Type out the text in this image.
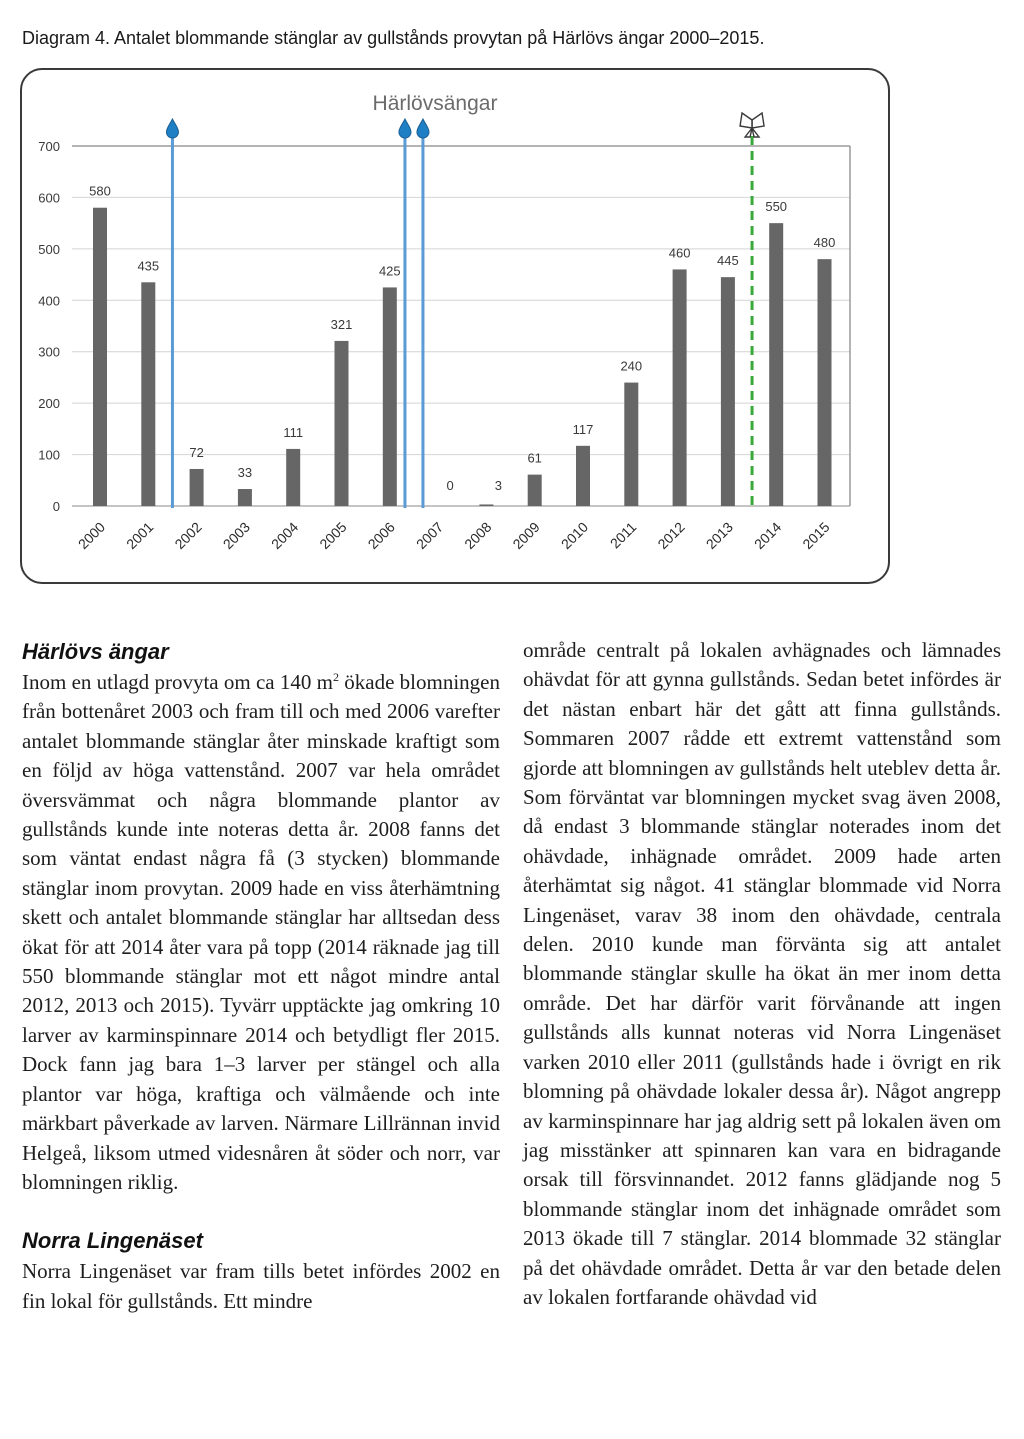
Diagram 4. Antalet blommande stänglar av gullstånds provytan på Härlövs ängar 2000–2015.
Härlövsängar
0
100
200
300
400
500
600
700
580
435
72
33
111
321
425
0	3
61
117
240
460
445
550
480
2000 2001 2002 2003 2004 2005 2006 2007 2008 2009 2010 2011 2012 2013 2014 2015
Härlövs ängar

Inom en utlagd provyta om ca 140 $m^2$ ökade blomningen från bottenåret 2003 och fram till och med 2006 varefter antalet blommande stänglar åter minskade kraftigt som en följd av höga vattenstånd. 2007 var hela området översvämmat och några blommande plantor av gullstånds kunde inte noteras detta år. 2008 fanns det som väntat endast några få (3 stycken) blommande stänglar inom provytan. 2009 hade en viss återhämtning skett och antalet blommande stänglar har alltsedan dess ökat för att 2014 åter vara på topp (2014 räknade jag till 550 blommande stänglar mot ett något mindre antal 2012, 2013 och 2015). Tyvärr upptäckte jag omkring 10 larver av karminspinnare 2014 och betydligt fler 2015. Dock fann jag bara 1–3 larver per stängel och alla plantor var höga, kraftiga och välmående och inte märkbart påverkade av larven. Närmare Lillrännan invid Helgeå, liksom utmed videsnåren åt söder och norr, var blomningen riklig.

Norra Lingenäset

Norra Lingenäset var fram tills betet infördes 2002 en fin lokal för gullstånds. Ett mindre

område centralt på lokalen avhägnades och lämnades ohävdat för att gynna gullstånds. Sedan betet infördes är det nästan enbart här det gått att finna gullstånds. Sommaren 2007 rådde ett extremt vattenstånd som gjorde att blomningen av gullstånds helt uteblev detta år. Som förväntat var blomningen mycket svag även 2008, då endast 3 blommande stänglar noterades inom det ohävdade, inhägnade området. 2009 hade arten återhämtat sig något. 41 stänglar blommade vid Norra Lingenäset, varav 38 inom den ohävdade, centrala delen. 2010 kunde man förvänta sig att antalet blommande stänglar skulle ha ökat än mer inom detta område. Det har därför varit förvånande att ingen gullstånds alls kunnat noteras vid Norra Lingenäset varken 2010 eller 2011 (gullstånds hade i övrigt en rik blomning på ohävdade lokaler dessa år). Något angrepp av karminspinnare har jag aldrig sett på lokalen även om jag misstänker att spinnaren kan vara en bidragande orsak till försvinnandet. 2012 fanns glädjande nog 5 blommande stänglar inom det inhägnade området som 2013 ökade till 7 stänglar. 2014 blommade 32 stänglar på det ohävdade området. Detta år var den betade delen av lokalen fortfarande ohävdad vid
